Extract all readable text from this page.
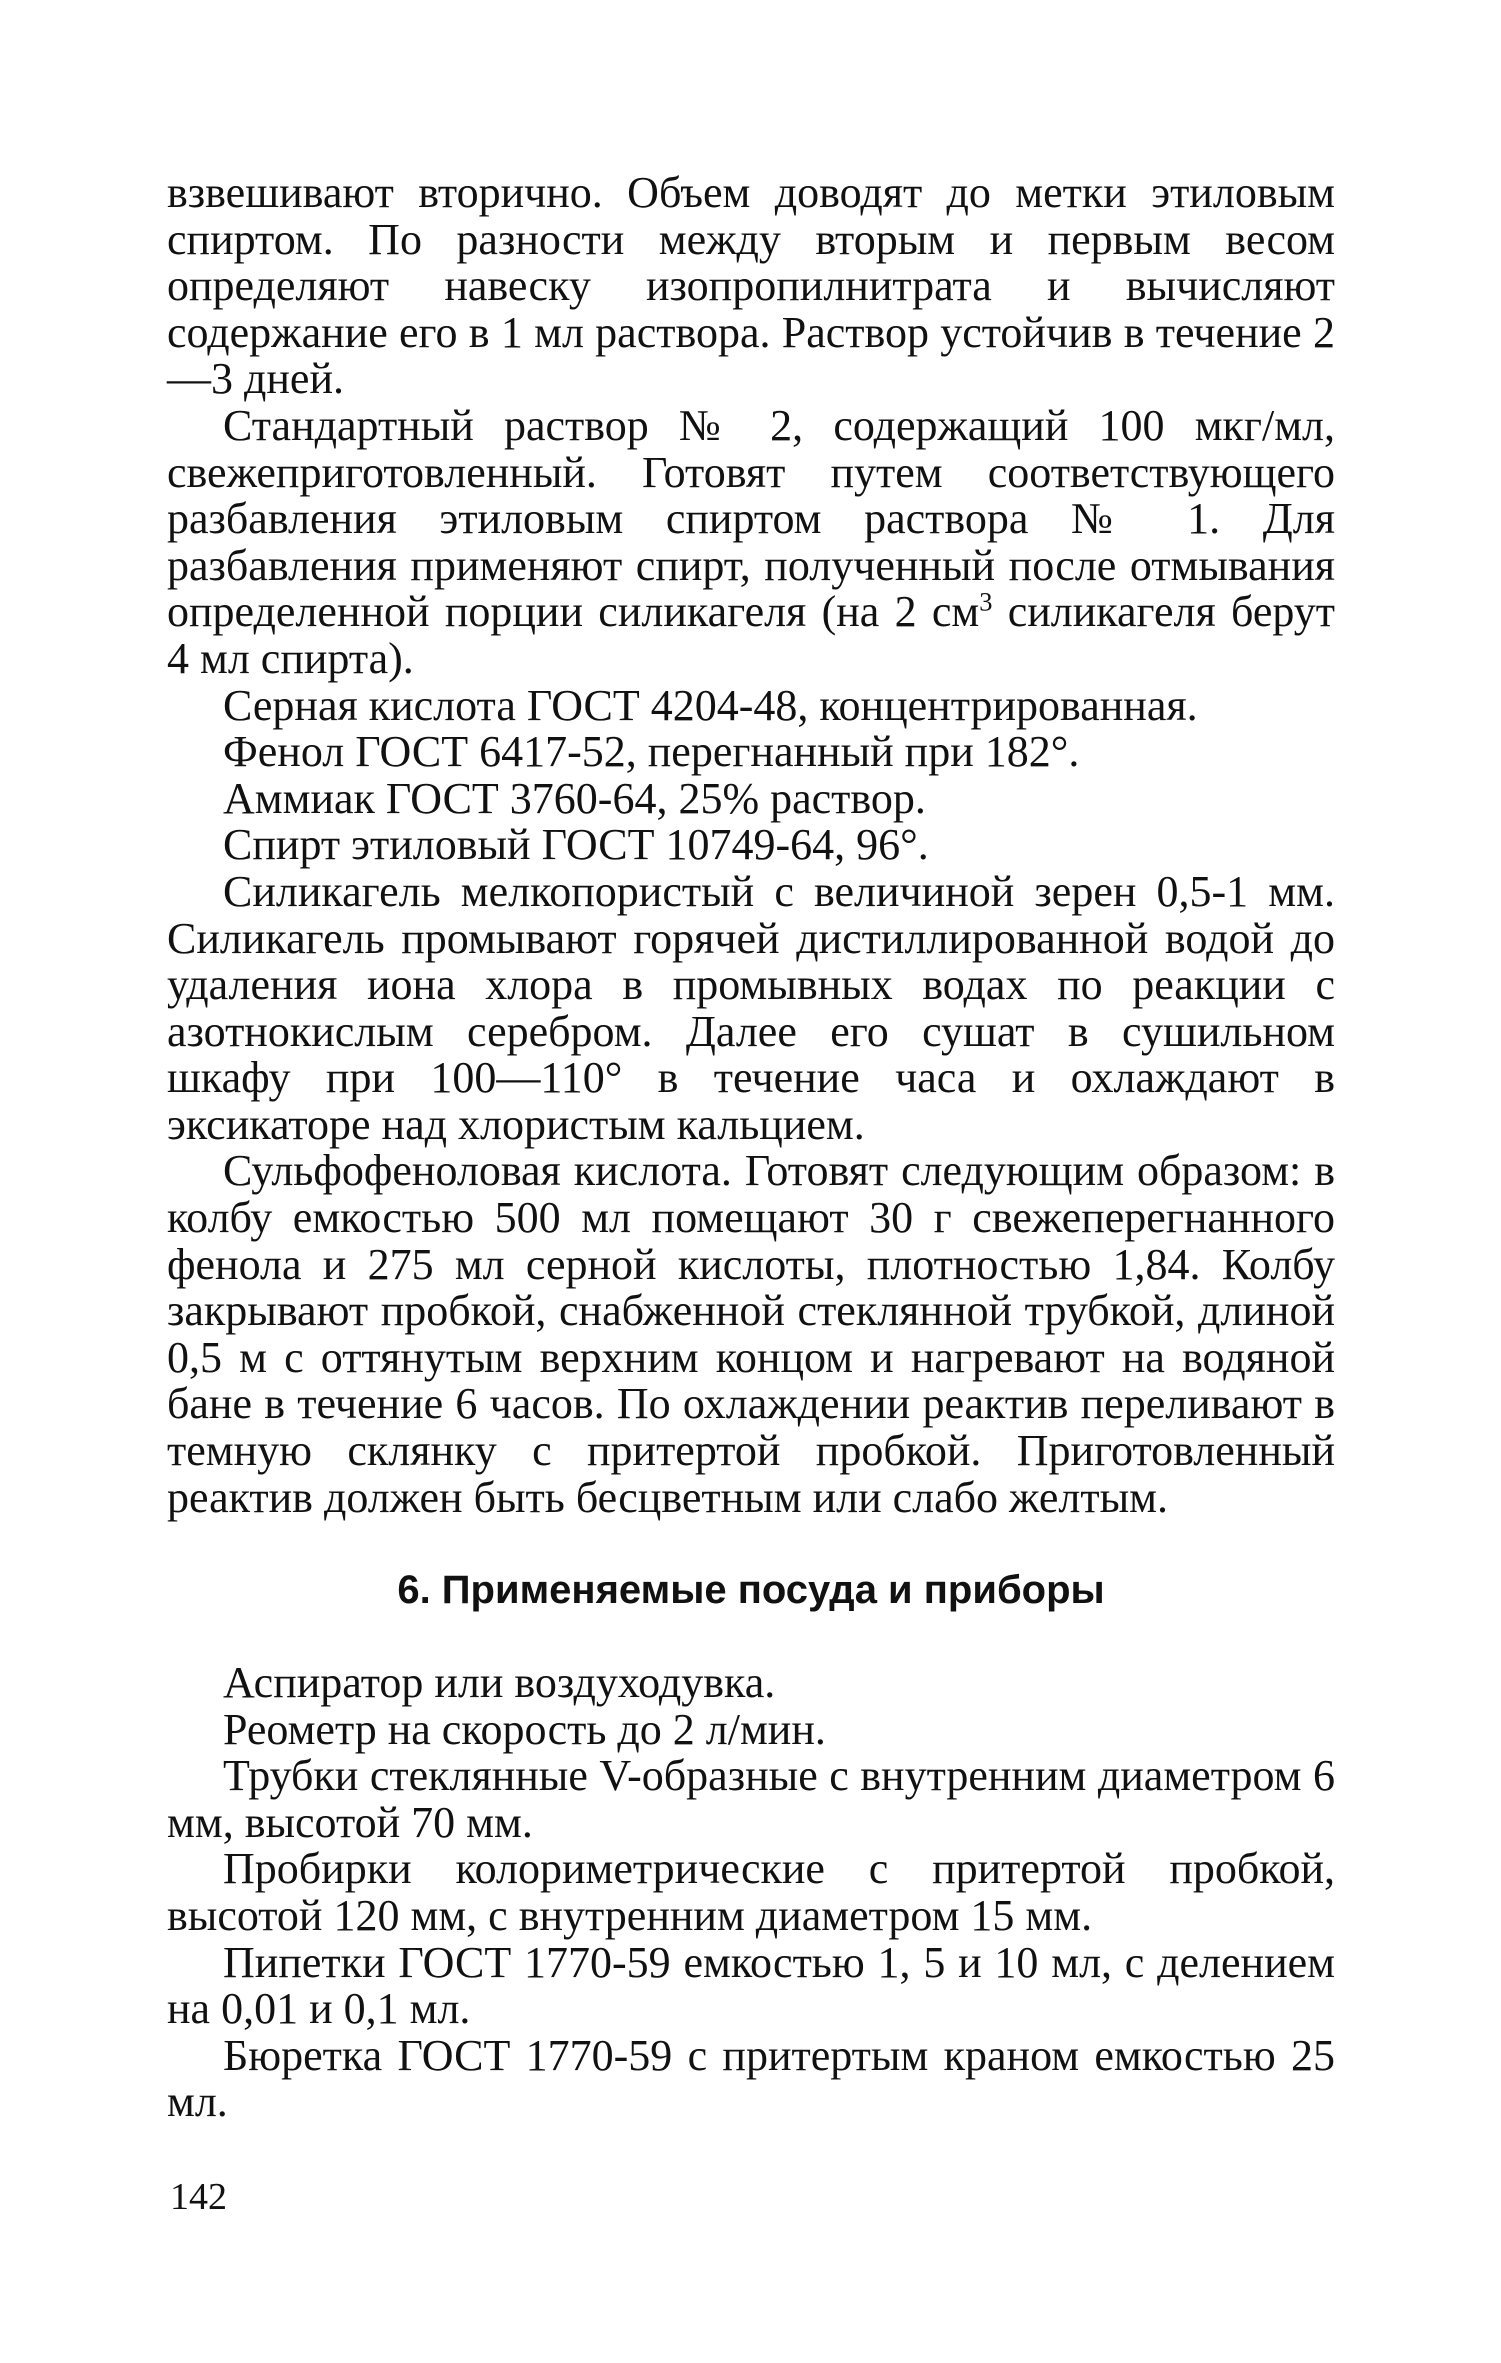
взвешивают вторично. Объем доводят до метки этиловым спиртом. По разности между вторым и первым весом определяют навеску изопропилнитрата и вычисляют содержание его в 1 мл раствора. Раствор устойчив в течение 2—3 дней.

Стандартный раствор № 2, содержащий 100 мкг/мл, свежеприготовленный. Готовят путем соответствующего разбавления этиловым спиртом раствора № 1. Для разбавления применяют спирт, полученный после отмывания определенной порции силикагеля (на 2 $см^3$ силикагеля берут 4 мл спирта).

Серная кислота ГОСТ 4204-48, концентрированная.

Фенол ГОСТ 6417-52, перегнанный при 182°.

Аммиак ГОСТ 3760-64, 25% раствор.

Спирт этиловый ГОСТ 10749-64, 96°.

Силикагель мелкопористый с величиной зерен 0,5-1 мм. Силикагель промывают горячей дистиллированной водой до удаления иона хлора в промывных водах по реакции с азотнокислым серебром. Далее его сушат в сушильном шкафу при 100—110° в течение часа и охлаждают в эксикаторе над хлористым кальцием.

Сульфофеноловая кислота. Готовят следующим образом: в колбу емкостью 500 мл помещают 30 г свежеперегнанного фенола и 275 мл серной кислоты, плотностью 1,84. Колбу закрывают пробкой, снабженной стеклянной трубкой, длиной 0,5 м с оттянутым верхним концом и нагревают на водяной бане в течение 6 часов. По охлаждении реактив переливают в темную склянку с притертой пробкой. Приготовленный реактив должен быть бесцветным или слабо желтым.

6. Применяемые посуда и приборы

Аспиратор или воздуходувка.

Реометр на скорость до 2 л/мин.

Трубки стеклянные V-образные с внутренним диаметром 6 мм, высотой 70 мм.

Пробирки колориметрические с притертой пробкой, высотой 120 мм, с внутренним диаметром 15 мм.

Пипетки ГОСТ 1770-59 емкостью 1, 5 и 10 мл, с делением на 0,01 и 0,1 мл.

Бюретка ГОСТ 1770-59 с притертым краном емкостью 25 мл.

142
